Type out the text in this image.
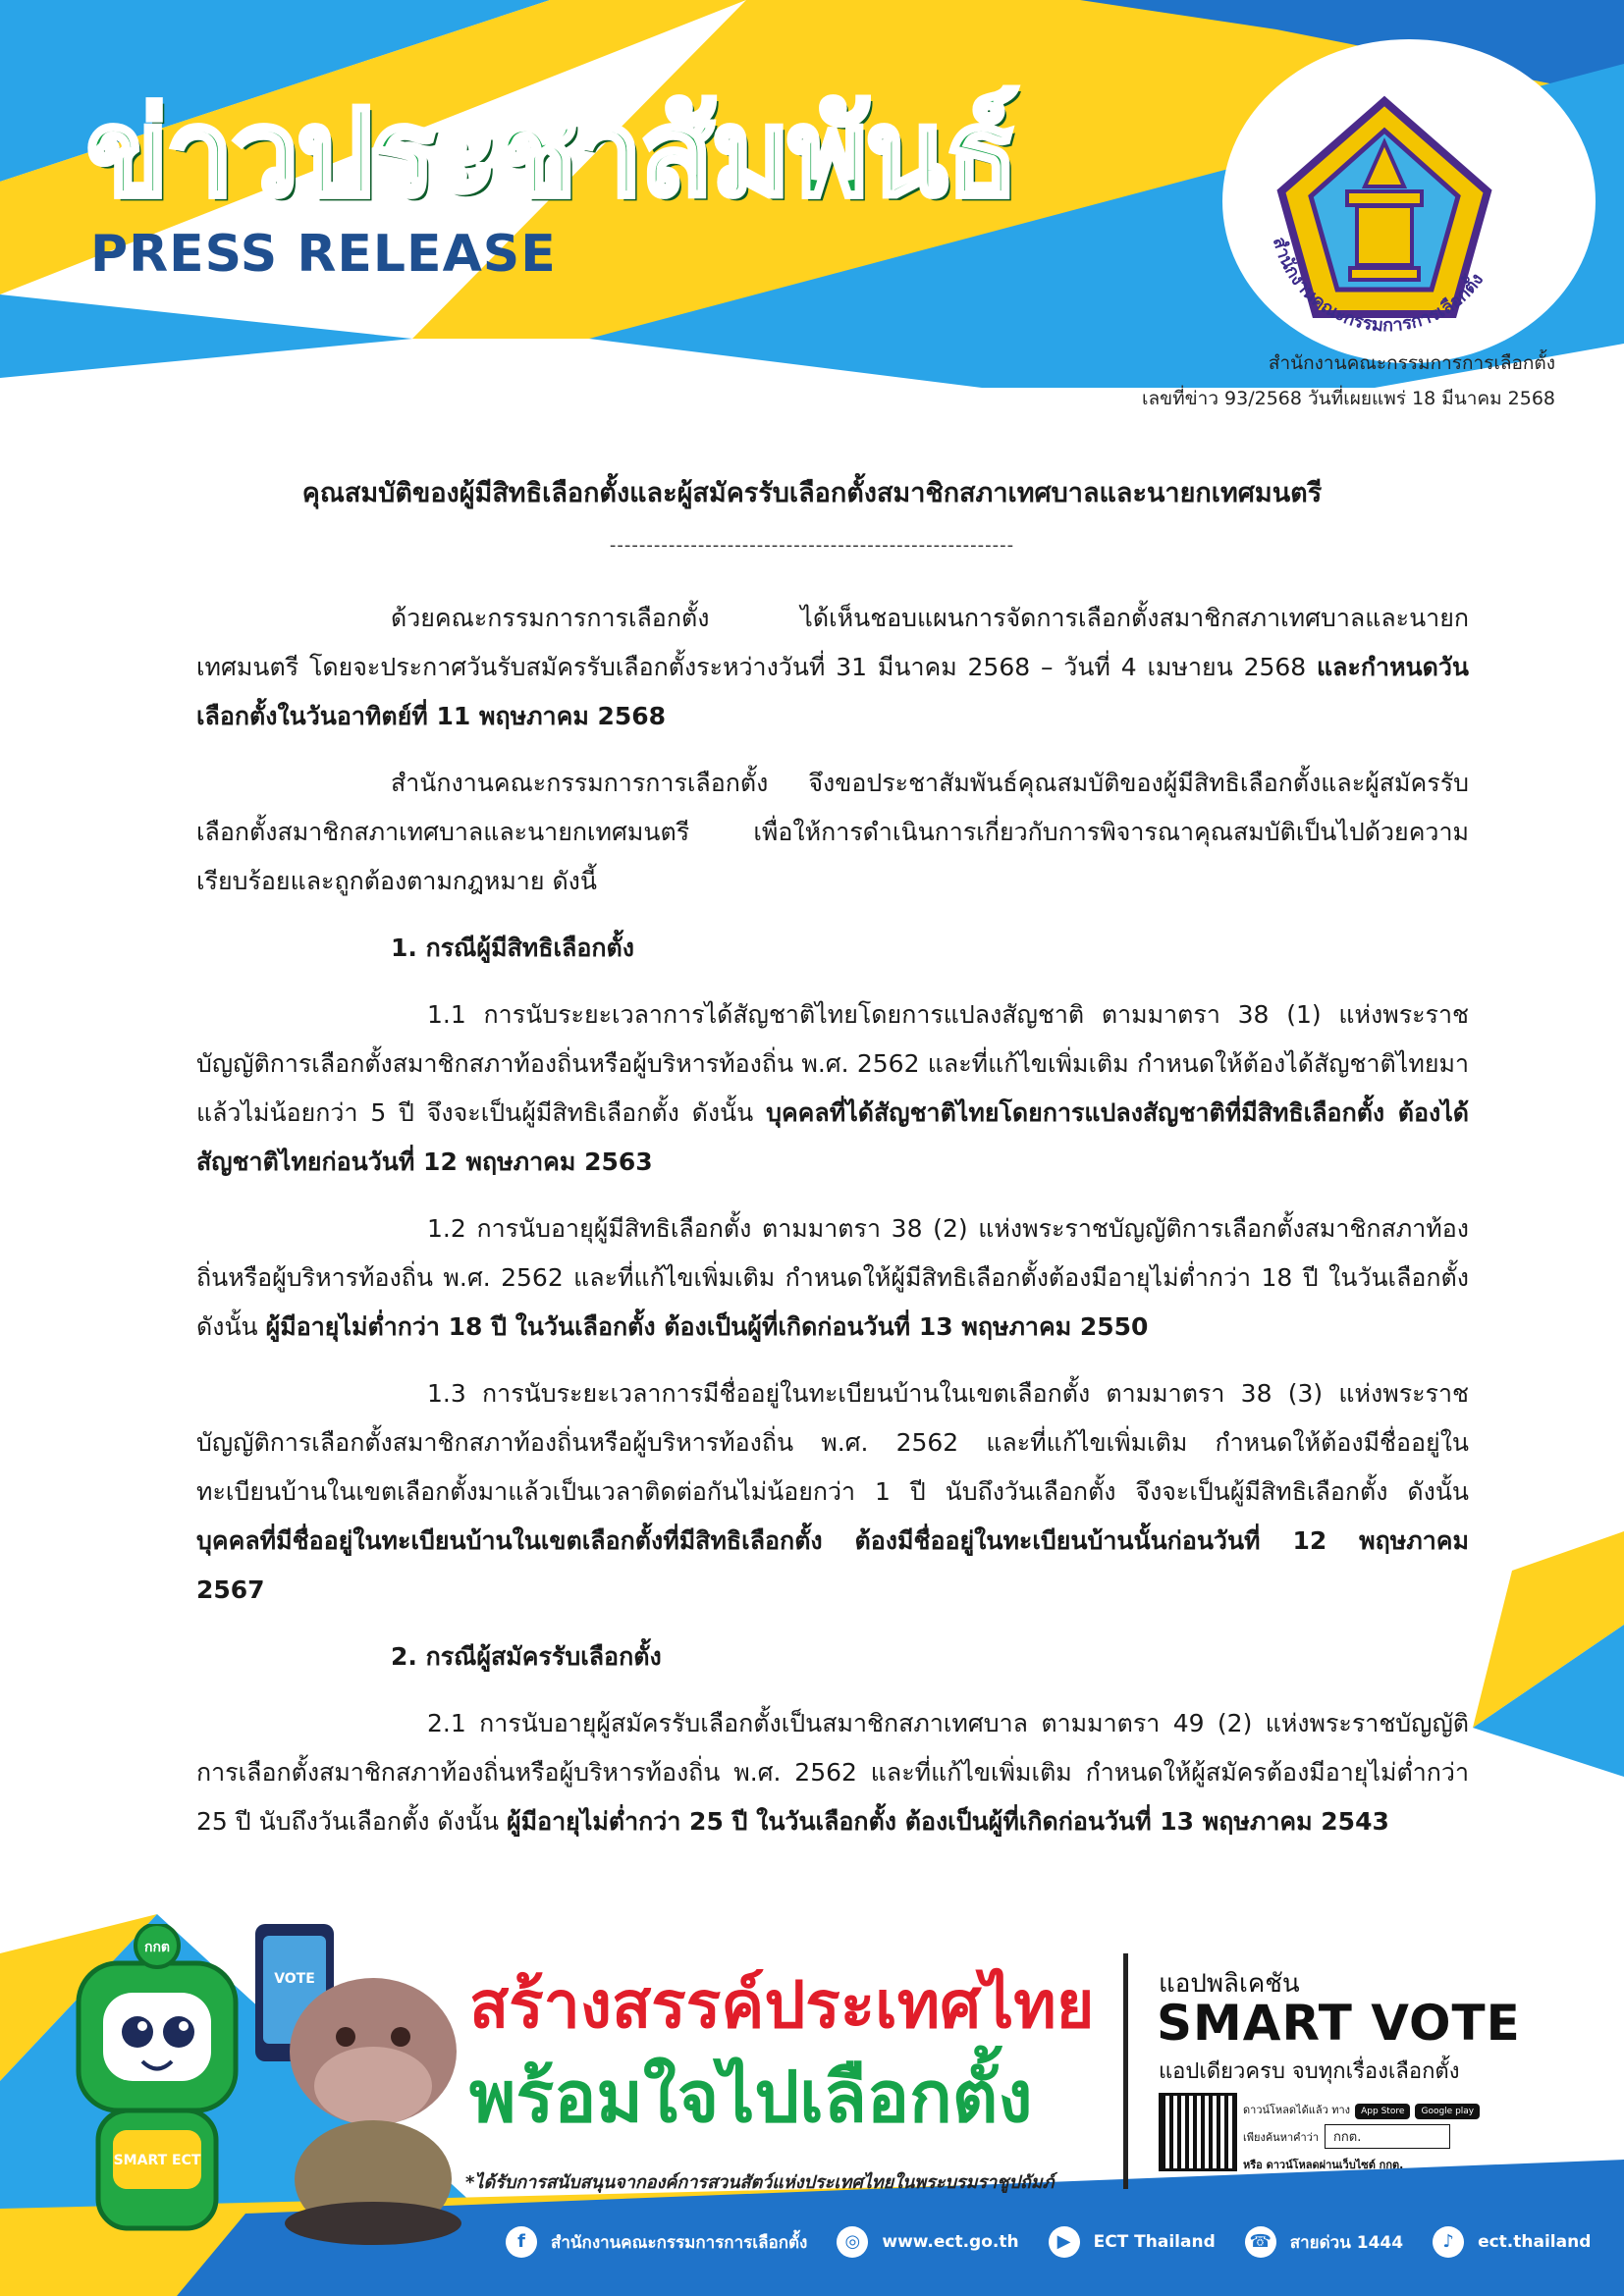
สำนักงานคณะกรรมการการเลือกตั้ง
ข่าวประชาสัมพันธ์
PRESS RELEASE
สำนักงานคณะกรรมการการเลือกตั้ง
เลขที่ข่าว 93/2568 วันที่เผยแพร่ 18 มีนาคม 2568
คุณสมบัติของผู้มีสิทธิเลือกตั้งและผู้สมัครรับเลือกตั้งสมาชิกสภาเทศบาลและนายกเทศมนตรี
-------------------------------------------------------

ด้วยคณะกรรมการการเลือกตั้ง ได้เห็นชอบแผนการจัดการเลือกตั้งสมาชิกสภาเทศบาลและนายกเทศมนตรี โดยจะประกาศวันรับสมัครรับเลือกตั้งระหว่างวันที่ 31 มีนาคม 2568 – วันที่ 4 เมษายน 2568 และกำหนดวันเลือกตั้งในวันอาทิตย์ที่ 11 พฤษภาคม 2568

สำนักงานคณะกรรมการการเลือกตั้ง จึงขอประชาสัมพันธ์คุณสมบัติของผู้มีสิทธิเลือกตั้งและผู้สมัครรับเลือกตั้งสมาชิกสภาเทศบาลและนายกเทศมนตรี เพื่อให้การดำเนินการเกี่ยวกับการพิจารณาคุณสมบัติเป็นไปด้วยความเรียบร้อยและถูกต้องตามกฎหมาย ดังนี้

1. กรณีผู้มีสิทธิเลือกตั้ง

1.1 การนับระยะเวลาการได้สัญชาติไทยโดยการแปลงสัญชาติ ตามมาตรา 38 (1) แห่งพระราชบัญญัติการเลือกตั้งสมาชิกสภาท้องถิ่นหรือผู้บริหารท้องถิ่น พ.ศ. 2562 และที่แก้ไขเพิ่มเติม กำหนดให้ต้องได้สัญชาติไทยมาแล้วไม่น้อยกว่า 5 ปี จึงจะเป็นผู้มีสิทธิเลือกตั้ง ดังนั้น บุคคลที่ได้สัญชาติไทยโดยการแปลงสัญชาติที่มีสิทธิเลือกตั้ง ต้องได้สัญชาติไทยก่อนวันที่ 12 พฤษภาคม 2563

1.2 การนับอายุผู้มีสิทธิเลือกตั้ง ตามมาตรา 38 (2) แห่งพระราชบัญญัติการเลือกตั้งสมาชิกสภาท้องถิ่นหรือผู้บริหารท้องถิ่น พ.ศ. 2562 และที่แก้ไขเพิ่มเติม กำหนดให้ผู้มีสิทธิเลือกตั้งต้องมีอายุไม่ต่ำกว่า 18 ปี ในวันเลือกตั้ง ดังนั้น ผู้มีอายุไม่ต่ำกว่า 18 ปี ในวันเลือกตั้ง ต้องเป็นผู้ที่เกิดก่อนวันที่ 13 พฤษภาคม 2550

1.3 การนับระยะเวลาการมีชื่ออยู่ในทะเบียนบ้านในเขตเลือกตั้ง ตามมาตรา 38 (3) แห่งพระราชบัญญัติการเลือกตั้งสมาชิกสภาท้องถิ่นหรือผู้บริหารท้องถิ่น พ.ศ. 2562 และที่แก้ไขเพิ่มเติม กำหนดให้ต้องมีชื่ออยู่ในทะเบียนบ้านในเขตเลือกตั้งมาแล้วเป็นเวลาติดต่อกันไม่น้อยกว่า 1 ปี นับถึงวันเลือกตั้ง จึงจะเป็นผู้มีสิทธิเลือกตั้ง ดังนั้น บุคคลที่มีชื่ออยู่ในทะเบียนบ้านในเขตเลือกตั้งที่มีสิทธิเลือกตั้ง ต้องมีชื่ออยู่ในทะเบียนบ้านนั้นก่อนวันที่ 12 พฤษภาคม 2567

2. กรณีผู้สมัครรับเลือกตั้ง

2.1 การนับอายุผู้สมัครรับเลือกตั้งเป็นสมาชิกสภาเทศบาล ตามมาตรา 49 (2) แห่งพระราชบัญญัติการเลือกตั้งสมาชิกสภาท้องถิ่นหรือผู้บริหารท้องถิ่น พ.ศ. 2562 และที่แก้ไขเพิ่มเติม กำหนดให้ผู้สมัครต้องมีอายุไม่ต่ำกว่า 25 ปี นับถึงวันเลือกตั้ง ดังนั้น ผู้มีอายุไม่ต่ำกว่า 25 ปี ในวันเลือกตั้ง ต้องเป็นผู้ที่เกิดก่อนวันที่ 13 พฤษภาคม 2543

VOTE
กกต
SMART ECT
สร้างสรรค์ประเทศไทย
พร้อมใจไปเลือกตั้ง
*ได้รับการสนับสนุนจากองค์การสวนสัตว์แห่งประเทศไทยในพระบรมราชูปถัมภ์
แอปพลิเคชัน
SMART VOTE
แอปเดียวครบ จบทุกเรื่องเลือกตั้ง
ดาวน์โหลดได้แล้ว ทาง App Store Google play
เพียงค้นหาคำว่า	กกต.
หรือ ดาวน์โหลดผ่านเว็บไซต์ กกต.
f	สำนักงานคณะกรรมการการเลือกตั้ง	◎	www.ect.go.th	▶	ECT Thailand ☎ สายด่วน 1444	♪	ect.thailand
